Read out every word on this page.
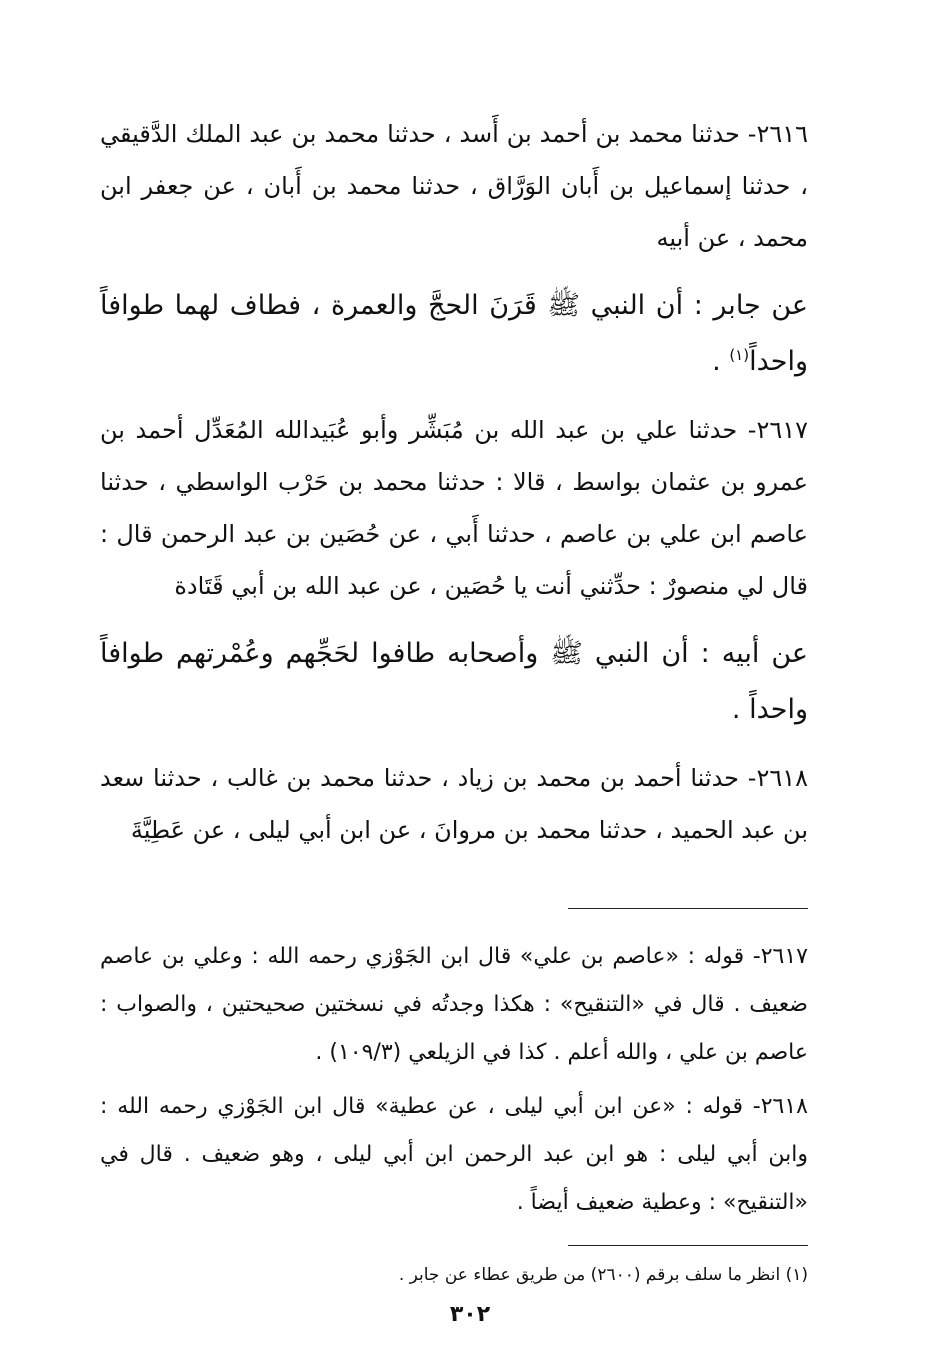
٢٦١٦- حدثنا محمد بن أحمد بن أَسد ، حدثنا محمد بن عبد الملك الدَّقيقي ، حدثنا إسماعيل بن أَبان الوَرَّاق ، حدثنا محمد بن أَبان ، عن جعفر ابن محمد ، عن أبيه

عن جابر : أن النبي ﷺ قَرَنَ الحجَّ والعمرة ، فطاف لهما طوافاً واحداً$^{(١)}$ .

٢٦١٧- حدثنا علي بن عبد الله بن مُبَشِّر وأبو عُبَيدالله المُعَدِّل أحمد بن عمرو بن عثمان بواسط ، قالا : حدثنا محمد بن حَرْب الواسطي ، حدثنا عاصم ابن علي بن عاصم ، حدثنا أَبي ، عن حُصَين بن عبد الرحمن قال : قال لي منصورٌ : حدِّثني أنت يا حُصَين ، عن عبد الله بن أبي قَتَادة

عن أبيه : أن النبي ﷺ وأصحابه طافوا لحَجِّهم وعُمْرتهم طوافاً واحداً .

٢٦١٨- حدثنا أحمد بن محمد بن زياد ، حدثنا محمد بن غالب ، حدثنا سعد بن عبد الحميد ، حدثنا محمد بن مروانَ ، عن ابن أبي ليلى ، عن عَطِيَّةَ

٢٦١٧- قوله : «عاصم بن علي» قال ابن الجَوْزي رحمه الله : وعلي بن عاصم ضعيف . قال في «التنقيح» : هكذا وجدتُه في نسختين صحيحتين ، والصواب : عاصم بن علي ، والله أعلم . كذا في الزيلعي (١٠٩/٣) .

٢٦١٨- قوله : «عن ابن أبي ليلى ، عن عطية» قال ابن الجَوْزي رحمه الله : وابن أبي ليلى : هو ابن عبد الرحمن ابن أبي ليلى ، وهو ضعيف . قال في «التنقيح» : وعطية ضعيف أيضاً .

(١) انظر ما سلف برقم (٢٦٠٠) من طريق عطاء عن جابر .

٣٠٢
